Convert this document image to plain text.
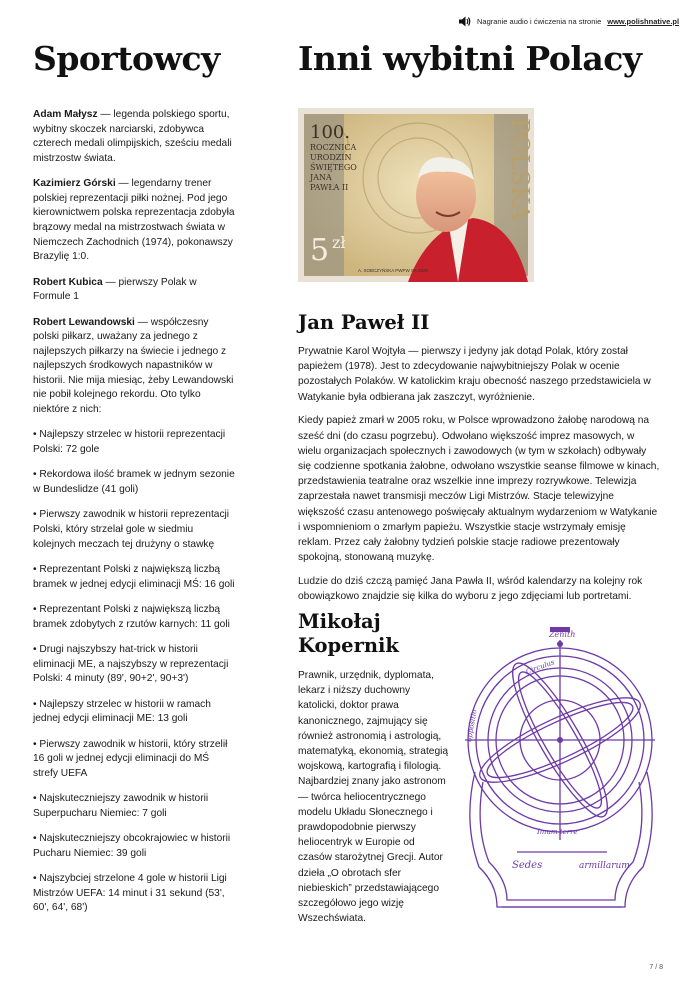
Nagranie audio i ćwiczenia na stronie www.polishnative.pl
Sportowcy

Adam Małysz — legenda polskiego sportu, wybitny skoczek narciarski, zdobywca czterech medali olimpijskich, sześciu medali mistrzostw świata.

Kazimierz Górski — legendarny trener polskiej reprezentacji piłki nożnej. Pod jego kierownictwem polska reprezentacja zdobyła brązowy medal na mistrzostwach świata w Niemczech Zachodnich (1974), pokonawszy Brazylię 1:0.

Robert Kubica — pierwszy Polak w Formule 1

Robert Lewandowski — współczesny polski piłkarz, uważany za jednego z najlepszych piłkarzy na świecie i jednego z najlepszych środkowych napastników w historii. Nie mija miesiąc, żeby Lewandowski nie pobił kolejnego rekordu. Oto tylko niektóre z nich:

• Najlepszy strzelec w historii reprezentacji Polski: 72 gole

• Rekordowa ilość bramek w jednym sezonie w Bundeslidze (41 goli)

• Pierwszy zawodnik w historii reprezentacji Polski, który strzelał gole w siedmiu kolejnych meczach tej drużyny o stawkę

• Reprezentant Polski z największą liczbą bramek w jednej edycji eliminacji MŚ: 16 goli

• Reprezentant Polski z największą liczbą bramek zdobytych z rzutów karnych: 11 goli

• Drugi najszybszy hat-trick w historii eliminacji ME, a najszybszy w reprezentacji Polski: 4 minuty (89', 90+2', 90+3')

• Najlepszy strzelec w historii w ramach jednej edycji eliminacji ME: 13 goli

• Pierwszy zawodnik w historii, który strzelił 16 goli w jednej edycji eliminacji do MŚ strefy UEFA

• Najskuteczniejszy zawodnik w historii Superpucharu Niemiec: 7 goli

• Najskuteczniejszy obcokrajowiec w historii Pucharu Niemiec: 39 goli

• Najszybciej strzelone 4 gole w historii Ligi Mistrzów UEFA: 14 minut i 31 sekund (53', 60', 64', 68')

Inni wybitni Polacy
100.
ROCZNICA
URODZIN
ŚWIĘTEGO
JANA
PAWŁA II	POLSKA
5 zł
A. SOBCZYŃSKA PWPW SA 2020
Jan Paweł II

Prywatnie Karol Wojtyła — pierwszy i jedyny jak dotąd Polak, który został papieżem (1978). Jest to zdecydowanie najwybitniejszy Polak w ocenie pozostałych Polaków. W katolickim kraju obecność naszego przedstawiciela w Watykanie była odbierana jak zaszczyt, wyróżnienie.

Kiedy papież zmarł w 2005 roku, w Polsce wprowadzono żałobę narodową na sześć dni (do czasu pogrzebu). Odwołano większość imprez masowych, w wielu organizacjach społecznych i zawodowych (w tym w szkołach) odbywały się codzienne spotkania żałobne, odwołano wszystkie seanse filmowe w kinach, przedstawienia teatralne oraz wszelkie inne imprezy rozrywkowe. Telewizja zaprzestała nawet transmisji meczów Ligi Mistrzów. Stacje telewizyjne większość czasu antenowego poświęcały aktualnym wydarzeniom w Watykanie i wspomnieniom o zmarłym papieżu. Wszystkie stacje wstrzymały emisję reklam. Przez cały żałobny tydzień polskie stacje radiowe prezentowały spokojną, stonowaną muzykę.

Ludzie do dziś czczą pamięć Jana Pawła II, wśród kalendarzy na kolejny rok obowiązkowo znajdzie się kilka do wyboru z jego zdjęciami lub portretami.

Mikołaj
Kopernik

Prawnik, urzędnik, dyplomata, lekarz i niższy duchowny katolicki, doktor prawa kanonicznego, zajmujący się również astronomią i astrologią, matematyką, ekonomią, strategią wojskową, kartografią i filologią. Najbardziej znany jako astronom — twórca heliocentrycznego modelu Układu Słonecznego i prawdopodobnie pierwszy heliocentryk w Europie od czasów starożytnej Grecji. Autor dzieła „O obrotach sfer niebieskich” przedstawiającego szczegółowo jego wizję Wszechświata.

Zenith
Circulus
oppositio
Imum terre
Sedes	armillarum
7 / 8
